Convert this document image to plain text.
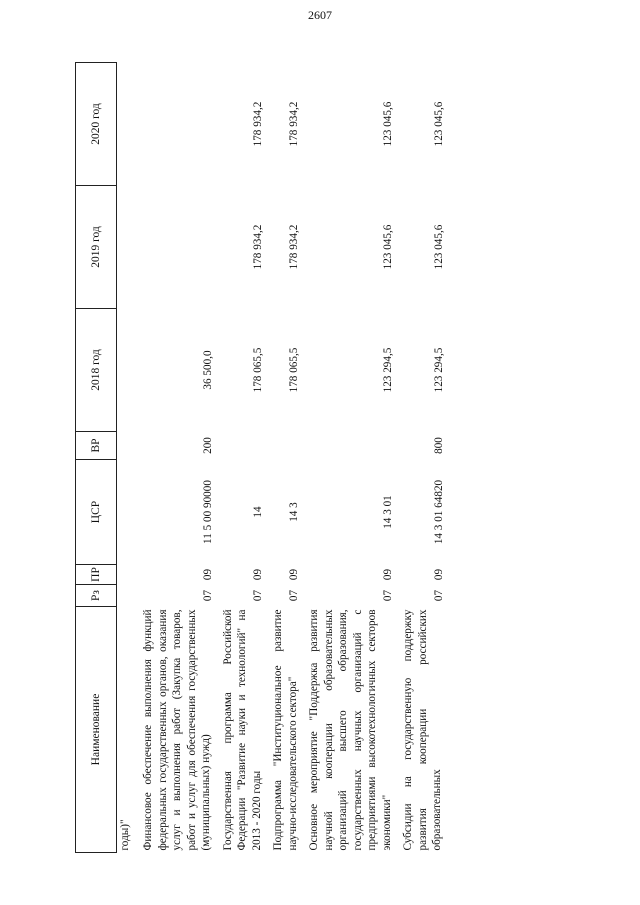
2607
Наименование	Рз	ПР	ЦСР	ВР	2018 год	2019 год	2020 год
годы)"							
Финансовое обеспечение выполнения функций федеральных государственных органов, оказания услуг и выполнения работ (Закупка товаров, работ и услуг для обеспечения государственных (муниципальных) нужд)	07	09	11 5 00 90000	200	36 500,0		
Государственная программа Российской Федерации "Развитие науки и технологий" на 2013 - 2020 годы	07	09	14		178 065,5	178 934,2	178 934,2
Подпрограмма "Институциональное развитие научно-исследовательского сектора"	07	09	14 3		178 065,5	178 934,2	178 934,2
Основное мероприятие "Поддержка развития научной кооперации образовательных организаций высшего образования, государственных научных организаций с предприятиями высокотехнологичных секторов экономики"	07	09	14 3 01		123 294,5	123 045,6	123 045,6
Субсидии на государственную поддержку развития кооперации российских образовательных	07	09	14 3 01 64820	800	123 294,5	123 045,6	123 045,6
